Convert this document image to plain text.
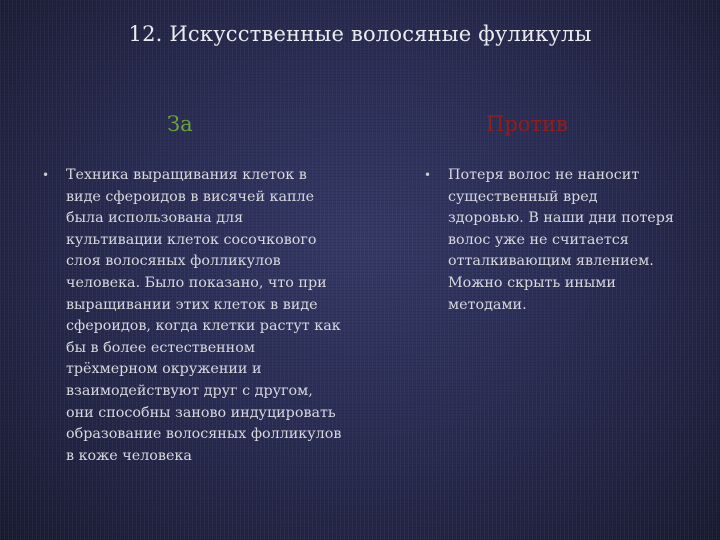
12. Искусственные волосяные фуликулы
За	Против
• Техника выращивания клеток в виде сфероидов в висячей капле была использована для культивации клеток сосочкового слоя волосяных фолликулов человека. Было показано, что при выращивании этих клеток в виде сфероидов, когда клетки растут как бы в более естественном трёхмерном окружении и взаимодействуют друг с другом, они способны заново индуцировать образование волосяных фолликулов в коже человека
• Потеря волос не наносит существенный вред здоровью. В наши дни потеря волос уже не считается отталкивающим явлением. Можно скрыть иными методами.
